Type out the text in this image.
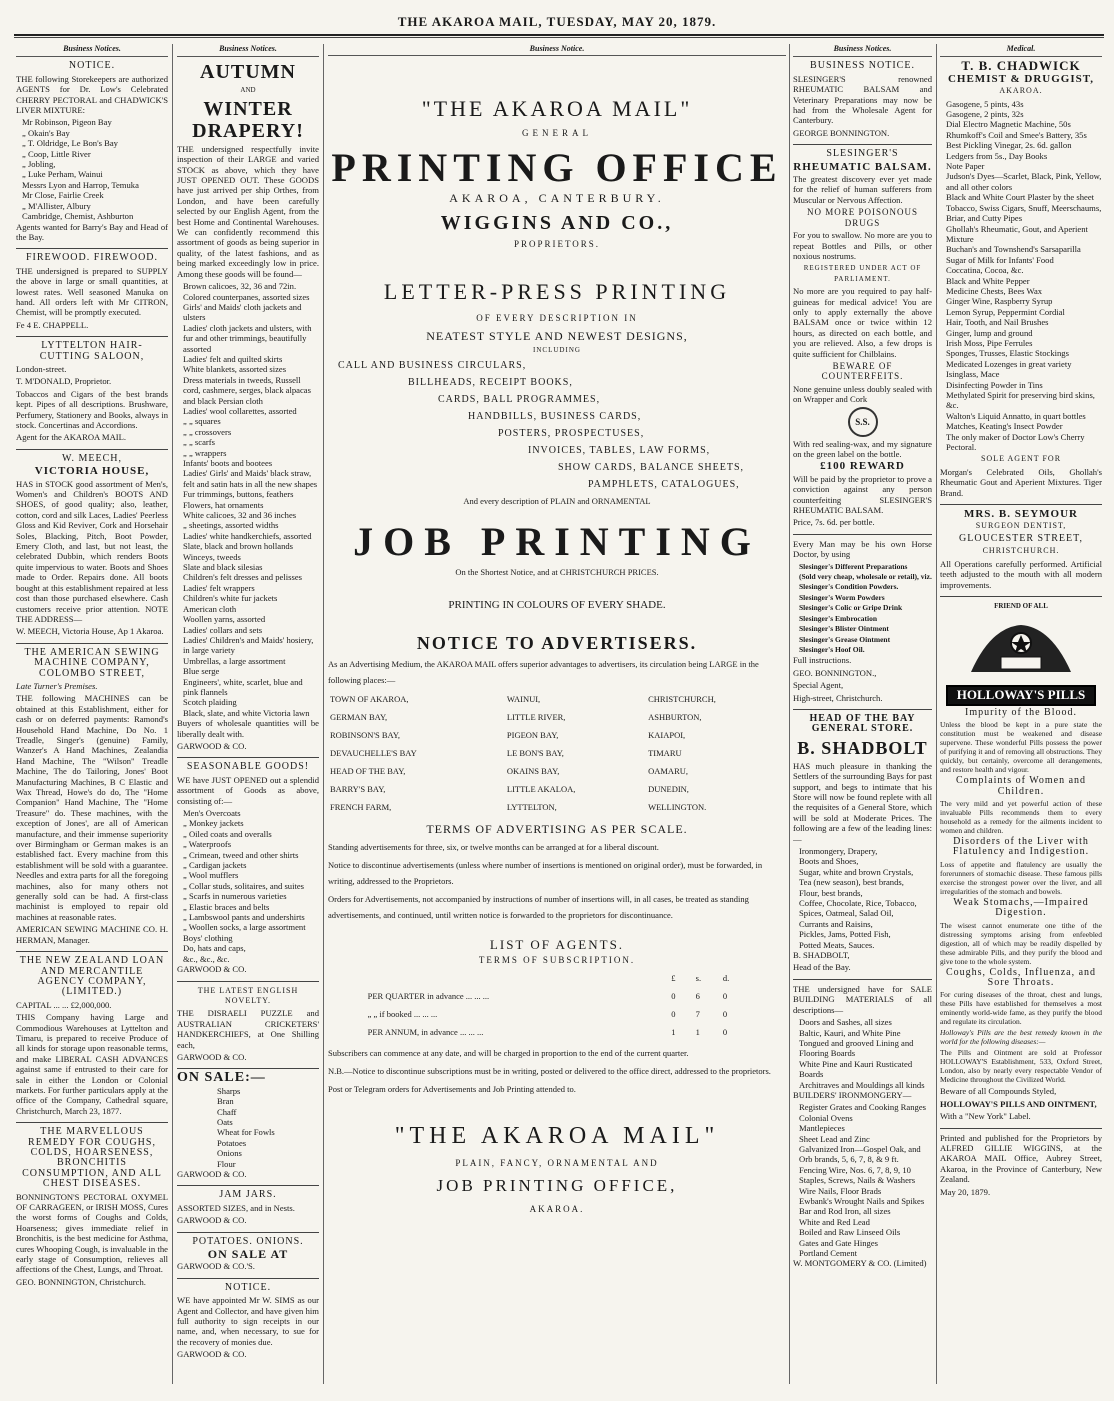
THE AKAROA MAIL, TUESDAY, MAY 20, 1879.
Business Notices.
NOTICE.

THE following Storekeepers are authorized AGENTS for Dr. Low's Celebrated CHERRY PECTORAL and CHADWICK'S LIVER MIXTURE:

Mr Robinson, Pigeon Bay
„ Okain's Bay
„ T. Oldridge, Le Bon's Bay
„ Coop, Little River
„ Jobling,
„ Luke Perham, Wainui
Messrs Lyon and Harrop, Temuka
Mr Close, Fairlie Creek
„ M'Allister, Albury
Cambridge, Chemist, Ashburton

Agents wanted for Barry's Bay and Head of the Bay.

FIREWOOD. FIREWOOD.

THE undersigned is prepared to SUPPLY the above in large or small quantities, at lowest rates. Well seasoned Manuka on hand. All orders left with Mr CITRON, Chemist, will be promptly executed.

Fe 4 E. CHAPPELL.

LYTTELTON HAIR-CUTTING SALOON,

London-street.

T. M'DONALD, Proprietor.

Tobaccos and Cigars of the best brands kept. Pipes of all descriptions. Brushware, Perfumery, Stationery and Books, always in stock. Concertinas and Accordions.

Agent for the AKAROA MAIL.

W. MEECH,
VICTORIA HOUSE,

HAS in STOCK good assortment of Men's, Women's and Children's BOOTS AND SHOES, of good quality; also, leather, cotton, cord and silk Laces, Ladies' Peerless Gloss and Kid Reviver, Cork and Horsehair Soles, Blacking, Pitch, Boot Powder, Emery Cloth, and last, but not least, the celebrated Dubbin, which renders Boots quite impervious to water. Boots and Shoes made to Order. Repairs done. All boots bought at this establishment repaired at less cost than those purchased elsewhere. Cash customers receive prior attention. NOTE THE ADDRESS—

W. MEECH, Victoria House, Ap 1 Akaroa.

THE AMERICAN SEWING MACHINE COMPANY, COLOMBO STREET,

Late Turner's Premises.

THE following MACHINES can be obtained at this Establishment, either for cash or on deferred payments: Ramond's Household Hand Machine, Do No. 1 Treadle, Singer's (genuine) Family, Wanzer's A Hand Machines, Zealandia Hand Machine, The "Wilson" Treadle Machine, The do Tailoring, Jones' Boot Manufacturing Machines, B C Elastic and Wax Thread, Howe's do do, The "Home Companion" Hand Machine, The "Home Treasure" do. These machines, with the exception of Jones', are all of American manufacture, and their immense superiority over Birmingham or German makes is an established fact. Every machine from this establishment will be sold with a guarantee. Needles and extra parts for all the foregoing machines, also for many others not generally sold can be had. A first-class machinist is employed to repair old machines at reasonable rates.

AMERICAN SEWING MACHINE CO. H. HERMAN, Manager.

THE NEW ZEALAND LOAN AND MERCANTILE AGENCY COMPANY, (LIMITED.)

CAPITAL ... ... £2,000,000.

THIS Company having Large and Commodious Warehouses at Lyttelton and Timaru, is prepared to receive Produce of all kinds for storage upon reasonable terms, and make LIBERAL CASH ADVANCES against same if entrusted to their care for sale in either the London or Colonial markets. For further particulars apply at the office of the Company, Cathedral square, Christchurch, March 23, 1877.

THE MARVELLOUS REMEDY FOR COUGHS, COLDS, HOARSENESS, BRONCHITIS CONSUMPTION, AND ALL CHEST DISEASES.

BONNINGTON'S PECTORAL OXYMEL OF CARRAGEEN, or IRISH MOSS, Cures the worst forms of Coughs and Colds, Hoarseness; gives immediate relief in Bronchitis, is the best medicine for Asthma, cures Whooping Cough, is invaluable in the early stage of Consumption, relieves all affections of the Chest, Lungs, and Throat.

GEO. BONNINGTON, Christchurch.

Business Notices.
AUTUMN
AND
WINTER DRAPERY!

THE undersigned respectfully invite inspection of their LARGE and varied STOCK as above, which they have JUST OPENED OUT. These GOODS have just arrived per ship Orthes, from London, and have been carefully selected by our English Agent, from the best Home and Continental Warehouses. We can confidently recommend this assortment of goods as being superior in quality, of the latest fashions, and as being marked exceedingly low in price. Among these goods will be found—

Brown calicoes, 32, 36 and 72in.
Colored counterpanes, assorted sizes
Girls' and Maids' cloth jackets and ulsters
Ladies' cloth jackets and ulsters, with fur and other trimmings, beautifully assorted
Ladies' felt and quilted skirts
White blankets, assorted sizes
Dress materials in tweeds, Russell cord, cashmere, serges, black alpacas and black Persian cloth
Ladies' wool collarettes, assorted
„ „ squares
„ „ crossovers
„ „ scarfs
„ „ wrappers
Infants' boots and bootees
Ladies' Girls' and Maids' black straw, felt and satin hats in all the new shapes
Fur trimmings, buttons, feathers
Flowers, hat ornaments
White calicoes, 32 and 36 inches
„ sheetings, assorted widths
Ladies' white handkerchiefs, assorted
Slate, black and brown hollands
Winceys, tweeds
Slate and black silesias
Children's felt dresses and pelisses
Ladies' felt wrappers
Children's white fur jackets
American cloth
Woollen yarns, assorted
Ladies' collars and sets
Ladies' Children's and Maids' hosiery, in large variety
Umbrellas, a large assortment
Blue serge
Engineers', white, scarlet, blue and pink flannels
Scotch plaiding
Black, slate, and white Victoria lawn

Buyers of wholesale quantities will be liberally dealt with.

GARWOOD & CO.

SEASONABLE GOODS!

WE have JUST OPENED out a splendid assortment of Goods as above, consisting of:—

Men's Overcoats
„ Monkey jackets
„ Oiled coats and overalls
„ Waterproofs
„ Crimean, tweed and other shirts
„ Cardigan jackets
„ Wool mufflers
„ Collar studs, solitaires, and suites
„ Scarfs in numerous varieties
„ Elastic braces and belts
„ Lambswool pants and undershirts
„ Woollen socks, a large assortment
Boys' clothing
Do, hats and caps,
&c., &c., &c.

GARWOOD & CO.

THE LATEST ENGLISH NOVELTY.

THE DISRAELI PUZZLE and AUSTRALIAN CRICKETERS' HANDKERCHIEFS, at One Shilling each,

GARWOOD & CO.

ON SALE:—
Sharps
Bran
Chaff
Oats
Wheat for Fowls
Potatoes
Onions
Flour

GARWOOD & CO.

JAM JARS.

ASSORTED SIZES, and in Nests.

GARWOOD & CO.

POTATOES. ONIONS.
ON SALE AT

GARWOOD & CO.'S.

NOTICE.

WE have appointed Mr W. SIMS as our Agent and Collector, and have given him full authority to sign receipts in our name, and, when necessary, to sue for the recovery of monies due.

GARWOOD & CO.

Business Notice.
"THE AKAROA MAIL"
GENERAL
PRINTING OFFICE
AKAROA, CANTERBURY.
WIGGINS AND CO.,
PROPRIETORS.
LETTER-PRESS PRINTING
OF EVERY DESCRIPTION IN
NEATEST STYLE AND NEWEST DESIGNS,
INCLUDING
CALL AND BUSINESS CIRCULARS,
BILLHEADS, RECEIPT BOOKS,
CARDS, BALL PROGRAMMES,
HANDBILLS, BUSINESS CARDS,
POSTERS, PROSPECTUSES,
INVOICES, TABLES, LAW FORMS,
SHOW CARDS, BALANCE SHEETS,
PAMPHLETS, CATALOGUES,
And every description of PLAIN and ORNAMENTAL
JOB PRINTING
On the Shortest Notice, and at CHRISTCHURCH PRICES.
PRINTING IN COLOURS OF EVERY SHADE.
NOTICE TO ADVERTISERS.

As an Advertising Medium, the AKAROA MAIL offers superior advantages to advertisers, its circulation being LARGE in the following places:—

TOWN OF AKAROA,	WAINUI,	CHRISTCHURCH,
GERMAN BAY,	LITTLE RIVER,	ASHBURTON,
ROBINSON'S BAY,	PIGEON BAY,	KAIAPOI,
DEVAUCHELLE'S BAY	LE BON'S BAY,	TIMARU
HEAD OF THE BAY,	OKAINS BAY,	OAMARU,
BARRY'S BAY,	LITTLE AKALOA,	DUNEDIN,
FRENCH FARM,	LYTTELTON,	WELLINGTON.
TERMS OF ADVERTISING AS PER SCALE.

Standing advertisements for three, six, or twelve months can be arranged at for a liberal discount.

Notice to discontinue advertisements (unless where number of insertions is mentioned on original order), must be forwarded, in writing, addressed to the Proprietors.

Orders for Advertisements, not accompanied by instructions of number of insertions will, in all cases, be treated as standing advertisements, and continued, until written notice is forwarded to the proprietors for discontinuance.

LIST OF AGENTS.
TERMS OF SUBSCRIPTION.
	£	s.	d.
PER QUARTER in advance ... ... ...	0	6	0
„ „ if booked ... ... ...	0	7	0
PER ANNUM, in advance ... ... ...	1	1	0

Subscribers can commence at any date, and will be charged in proportion to the end of the current quarter.

N.B.—Notice to discontinue subscriptions must be in writing, posted or delivered to the office direct, addressed to the proprietors.

Post or Telegram orders for Advertisements and Job Printing attended to.

"THE AKAROA MAIL"
PLAIN, FANCY, ORNAMENTAL AND
JOB PRINTING OFFICE,
AKAROA.
Business Notices.
BUSINESS NOTICE.

SLESINGER'S renowned RHEUMATIC BALSAM and Veterinary Preparations may now be had from the Wholesale Agent for Canterbury.

GEORGE BONNINGTON.

SLESINGER'S
RHEUMATIC BALSAM.

The greatest discovery ever yet made for the relief of human sufferers from Muscular or Nervous Affection.

NO MORE POISONOUS DRUGS

For you to swallow. No more are you to repeat Bottles and Pills, or other noxious nostrums.

REGISTERED UNDER ACT OF PARLIAMENT.

No more are you required to pay half-guineas for medical advice! You are only to apply externally the above BALSAM once or twice within 12 hours, as directed on each bottle, and you are relieved. Also, a few drops is quite sufficient for Chilblains.

BEWARE OF COUNTERFEITS.

None genuine unless doubly sealed with on Wrapper and Cork

S.S.

With red sealing-wax, and my signature on the green label on the bottle.

£100 REWARD

Will be paid by the proprietor to prove a conviction against any person counterfeiting SLESINGER'S RHEUMATIC BALSAM.

Price, 7s. 6d. per bottle.

Every Man may be his own Horse Doctor, by using

Slesinger's Different Preparations
(Sold very cheap, wholesale or retail), viz.
Slesinger's Condition Powders.
Slesinger's Worm Powders
Slesinger's Colic or Gripe Drink
Slesinger's Embrocation
Slesinger's Blister Ointment
Slesinger's Grease Ointment
Slesinger's Hoof Oil.

Full instructions.

GEO. BONNINGTON.,

Special Agent,

High-street, Christchurch.

HEAD OF THE BAY GENERAL STORE.
B. SHADBOLT

HAS much pleasure in thanking the Settlers of the surrounding Bays for past support, and begs to intimate that his Store will now be found replete with all the requisites of a General Store, which will be sold at Moderate Prices. The following are a few of the leading lines:—

Ironmongery, Drapery,
Boots and Shoes,
Sugar, white and brown Crystals,
Tea (new season), best brands,
Flour, best brands,
Coffee, Chocolate, Rice, Tobacco,
Spices, Oatmeal, Salad Oil,
Currants and Raisins,
Pickles, Jams, Potted Fish,
Potted Meats, Sauces.

B. SHADBOLT,

Head of the Bay.

THE undersigned have for SALE BUILDING MATERIALS of all descriptions—

Doors and Sashes, all sizes
Baltic, Kauri, and White Pine Tongued and grooved Lining and Flooring Boards
White Pine and Kauri Rusticated Boards
Architraves and Mouldings all kinds

BUILDERS' IRONMONGERY—

Register Grates and Cooking Ranges
Colonial Ovens
Mantlepieces
Sheet Lead and Zinc
Galvanized Iron—Gospel Oak, and Orb brands, 5, 6, 7, 8, & 9 ft.
Fencing Wire, Nos. 6, 7, 8, 9, 10
Staples, Screws, Nails & Washers
Wire Nails, Floor Brads
Ewbank's Wrought Nails and Spikes
Bar and Rod Iron, all sizes
White and Red Lead
Boiled and Raw Linseed Oils
Gates and Gate Hinges
Portland Cement

W. MONTGOMERY & CO. (Limited)

Medical.
T. B. CHADWICK
CHEMIST & DRUGGIST,
AKAROA.
Gasogene, 5 pints, 43s
Gasogene, 2 pints, 32s
Dial Electro Magnetic Machine, 50s
Rhumkoff's Coil and Smee's Battery, 35s
Best Pickling Vinegar, 2s. 6d. gallon
Ledgers from 5s., Day Books
Note Paper
Judson's Dyes—Scarlet, Black, Pink, Yellow, and all other colors
Black and White Court Plaster by the sheet
Tobacco, Swiss Cigars, Snuff, Meerschaums, Briar, and Cutty Pipes
Ghollah's Rheumatic, Gout, and Aperient Mixture
Buchan's and Townshend's Sarsaparilla
Sugar of Milk for Infants' Food
Coccatina, Cocoa, &c.
Black and White Pepper
Medicine Chests, Bees Wax
Ginger Wine, Raspberry Syrup
Lemon Syrup, Peppermint Cordial
Hair, Tooth, and Nail Brushes
Ginger, lump and ground
Irish Moss, Pipe Ferrules
Sponges, Trusses, Elastic Stockings
Medicated Lozenges in great variety
Isinglass, Mace
Disinfecting Powder in Tins
Methylated Spirit for preserving bird skins, &c.
Walton's Liquid Annatto, in quart bottles
Matches, Keating's Insect Powder
The only maker of Doctor Low's Cherry Pectoral.
SOLE AGENT FOR

Morgan's Celebrated Oils, Ghollah's Rheumatic Gout and Aperient Mixtures. Tiger Brand.

MRS. B. SEYMOUR
SURGEON DENTIST,
GLOUCESTER STREET,
CHRISTCHURCH.

All Operations carefully performed. Artificial teeth adjusted to the mouth with all modern improvements.

FRIEND OF ALL
HOLLOWAY'S PILLS
Impurity of the Blood.

Unless the blood be kept in a pure state the constitution must be weakened and disease supervene. These wonderful Pills possess the power of purifying it and of removing all obstructions. They quickly, but certainly, overcome all derangements, and restore health and vigour.

Complaints of Women and Children.

The very mild and yet powerful action of these invaluable Pills recommends them to every household as a remedy for the ailments incident to women and children.

Disorders of the Liver with Flatulency and Indigestion.

Loss of appetite and flatulency are usually the forerunners of stomachic disease. These famous pills exercise the strongest power over the liver, and all irregularities of the stomach and bowels.

Weak Stomachs,—Impaired Digestion.

The wisest cannot enumerate one tithe of the distressing symptoms arising from enfeebled digestion, all of which may be readily dispelled by these admirable Pills, and they purify the blood and give tone to the whole system.

Coughs, Colds, Influenza, and Sore Throats.

For curing diseases of the throat, chest and lungs, these Pills have established for themselves a most eminently world-wide fame, as they purify the blood and regulate its circulation.

Holloway's Pills are the best remedy known in the world for the following diseases:—

The Pills and Ointment are sold at Professor HOLLOWAY'S Establishment, 533, Oxford Street, London, also by nearly every respectable Vendor of Medicine throughout the Civilized World.

Beware of all Compounds Styled,

HOLLOWAY'S PILLS AND OINTMENT,

With a "New York" Label.

Printed and published for the Proprietors by ALFRED GILLIE WIGGINS, at the AKAROA MAIL Office, Aubrey Street, Akaroa, in the Province of Canterbury, New Zealand.

May 20, 1879.
